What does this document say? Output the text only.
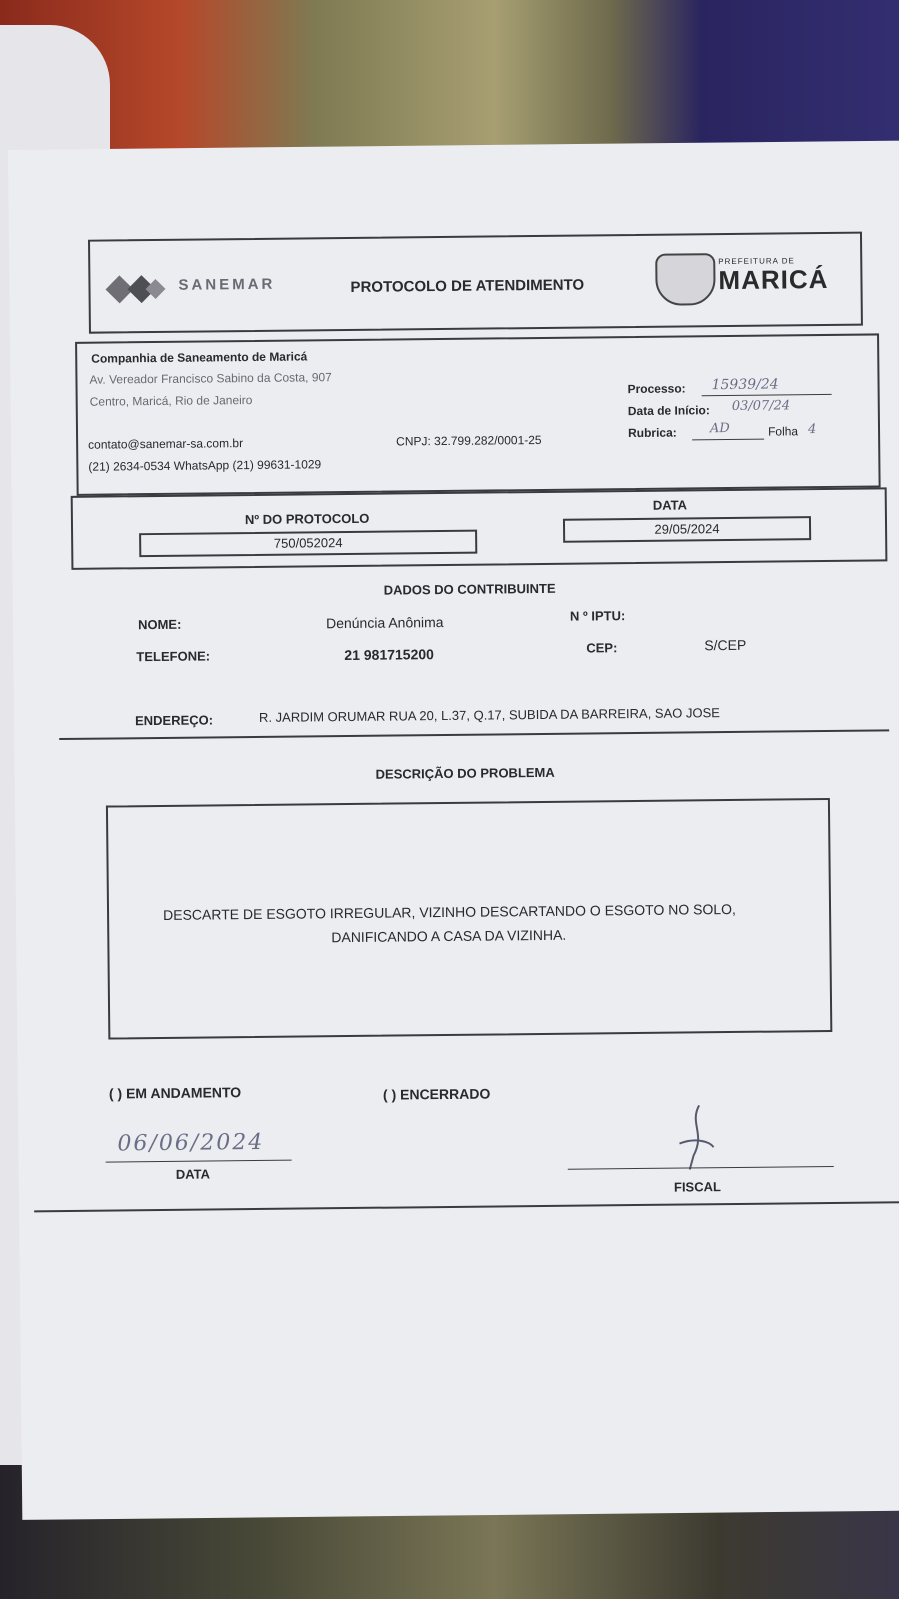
SANEMAR	PROTOCOLO DE ATENDIMENTO
PREFEITURA DE
MARICÁ
Companhia de Saneamento de Maricá
Av. Vereador Francisco Sabino da Costa, 907
Centro, Maricá, Rio de Janeiro
contato@sanemar-sa.com.br
(21) 2634-0534 WhatsApp (21) 99631-1029
CNPJ: 32.799.282/0001-25
Processo: 15939/24
Data de Início: 03/07/24
Rubrica:	AD	Folha 4
Nº DO PROTOCOLO
750/052024
DATA
29/05/2024
DADOS DO CONTRIBUINTE
NOME:	Denúncia Anônima	N º IPTU:
TELEFONE:	21 981715200	CEP:	S/CEP
ENDEREÇO:	R. JARDIM ORUMAR RUA 20, L.37, Q.17, SUBIDA DA BARREIRA, SAO JOSE
DESCRIÇÃO DO PROBLEMA
DESCARTE DE ESGOTO IRREGULAR, VIZINHO DESCARTANDO O ESGOTO NO SOLO,
DANIFICANDO A CASA DA VIZINHA.
( ) EM ANDAMENTO	( ) ENCERRADO
06/06/2024
DATA
FISCAL
